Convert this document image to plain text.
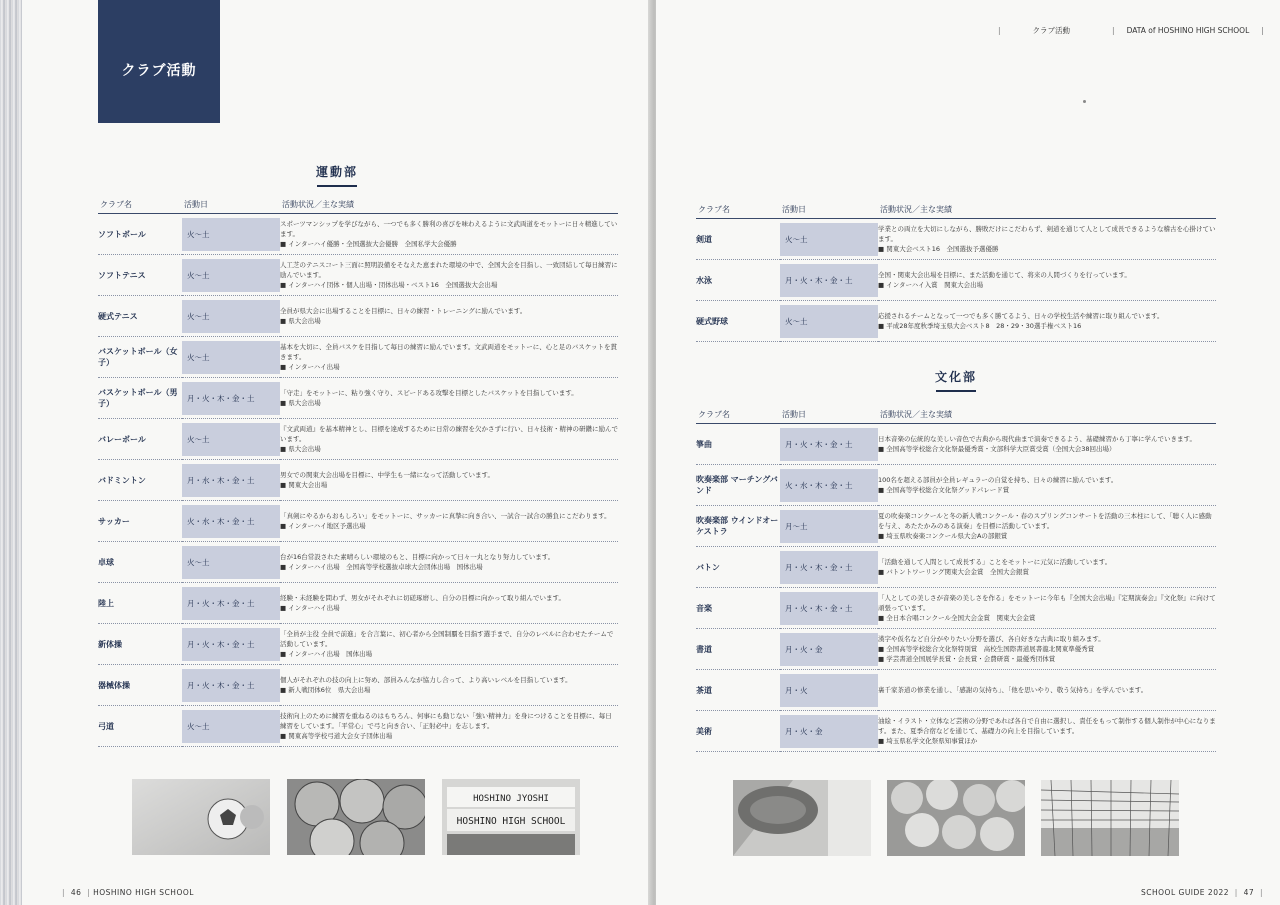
クラブ活動
運動部
クラブ名	活動日	活動状況／主な実績
ソフトボール	火〜土	スポーツマンシップを学びながら、一つでも多く勝利の喜びを味わえるように文武両道をモットーに日々精進しています。
■ インターハイ優勝・全国選抜大会優勝　全国私学大会優勝

ソフトテニス	火〜土	人工芝のテニスコート三面に照明設備をそなえた恵まれた環境の中で、全国大会を目指し、一致団結して毎日練習に励んでいます。
■ インターハイ団体・個人出場・団体出場・ベスト16　全国選抜大会出場

硬式テニス	火〜土	全員が県大会に出場することを目標に、日々の練習・トレーニングに励んでいます。
■ 県大会出場

バスケットボール（女子）	火〜土	基本を大切に、全員バスケを目指して毎日の練習に励んでいます。文武両道をモットーに、心と足のバスケットを貫きます。
■ インターハイ出場

バスケットボール（男子）	月・火・木・金・土	「守走」をモットーに、粘り強く守り、スピードある攻撃を目標としたバスケットを目指しています。
■ 県大会出場

バレーボール	火〜土	『文武両道』を基本精神とし、目標を達成するために日常の練習を欠かさずに行い、日々技術・精神の研鑽に励んでいます。
■ 県大会出場

バドミントン	月・水・木・金・土	男女での関東大会出場を目標に、中学生も一緒になって活動しています。
■ 関東大会出場

サッカー	火・水・木・金・土	「真剣にやるからおもしろい」をモットーに、サッカーに真摯に向き合い、一試合一試合の勝負にこだわります。
■ インターハイ地区予選出場

卓球	火〜土	台が16台常設された素晴らしい環境のもと、目標に向かって日々一丸となり努力しています。
■ インターハイ出場　全国高等学校選抜卓球大会団体出場　国体出場

陸上	月・火・木・金・土	経験・未経験を問わず、男女がそれぞれに切磋琢磨し、自分の目標に向かって取り組んでいます。
■ インターハイ出場

新体操	月・火・木・金・土	「全員が主役 全員で前進」を合言葉に、初心者から全国制覇を目指す選手まで、自分のレベルに合わせたチームで活動しています。
■ インターハイ出場　国体出場

器械体操	月・火・木・金・土	個人がそれぞれの技の向上に努め、部員みんなが協力し合って、より高いレベルを目指しています。
■ 新人戦団体6位　県大会出場

弓道	火〜土	技術向上のために練習を重ねるのはもちろん、何事にも動じない「強い精神力」を身につけることを目標に、毎日練習をしています。「平常心」で弓と向き合い、「正射必中」を志します。
■ 関東高等学校弓道大会女子団体出場
HOSHINO JYOSHI
HOSHINO HIGH SCHOOL
| 46 | HOSHINO HIGH SCHOOL
|	クラブ活動	| DATA of HOSHINO HIGH SCHOOL |
クラブ名	活動日	活動状況／主な実績
剣道	火〜土	学業との両立を大切にしながら、勝敗だけにこだわらず、剣道を通じて人として成長できるような稽古を心掛けています。
■ 関東大会ベスト16　全国選抜予選優勝

水泳	月・火・木・金・土	全国・関東大会出場を目標に、また活動を通じて、将来の人間づくりを行っています。
■ インターハイ入賞　関東大会出場

硬式野球	火〜土	応援されるチームとなって一つでも多く勝てるよう、日々の学校生活や練習に取り組んでいます。
■ 平成28年度秋季埼玉県大会ベスト8　28・29・30選手権ベスト16
文化部
クラブ名	活動日	活動状況／主な実績
箏曲	月・火・木・金・土	日本音楽の伝統的な美しい音色で古典から現代曲まで演奏できるよう、基礎練習から丁寧に学んでいきます。
■ 全国高等学校総合文化祭最優秀賞・文部科学大臣賞受賞（全国大会38回出場）

吹奏楽部 マーチングバンド	火・水・木・金・土	100名を超える部員が全員レギュラーの自覚を持ち、日々の練習に励んでいます。
■ 全国高等学校総合文化祭グッドパレード賞

吹奏楽部 ウインドオーケストラ	月〜土	夏の吹奏楽コンクールと冬の新人戦コンクール・春のスプリングコンサートを活動の三本柱にして、「聴く人に感動を与え、あたたかみのある演奏」を目標に活動しています。
■ 埼玉県吹奏楽コンクール県大会Aの部銀賞

バトン	月・火・木・金・土	「活動を通して人間として成長する」ことをモットーに元気に活動しています。
■ バトントワーリング関東大会金賞　全国大会銀賞

音楽	月・火・木・金・土	「人としての美しさが音楽の美しさを作る」をモットーに今年も『全国大会出場』『定期演奏会』『文化祭』に向けて頑張っています。
■ 全日本合唱コンクール全国大会金賞　関東大会金賞

書道	月・火・金	漢字や仮名など自分がやりたい分野を選び、各自好きな古典に取り組みます。
■ 全国高等学校総合文化祭特別賞　高校生国際書道展書龍北関東準優秀賞
■ 学芸書道全国展学長賞・会長賞・会費研賞・最優秀団体賞

茶道	月・火	裏千家茶道の修業を通し、「感謝の気持ち」、「他を思いやり、敬う気持ち」を学んでいます。
美術	月・火・金	油絵・イラスト・立体など芸術の分野であれば各自で自由に選択し、責任をもって制作する個人制作が中心になります。また、夏季合宿などを通じて、基礎力の向上を目指しています。
■ 埼玉県私学文化祭県知事賞ほか
SCHOOL GUIDE 2022 | 47 |
